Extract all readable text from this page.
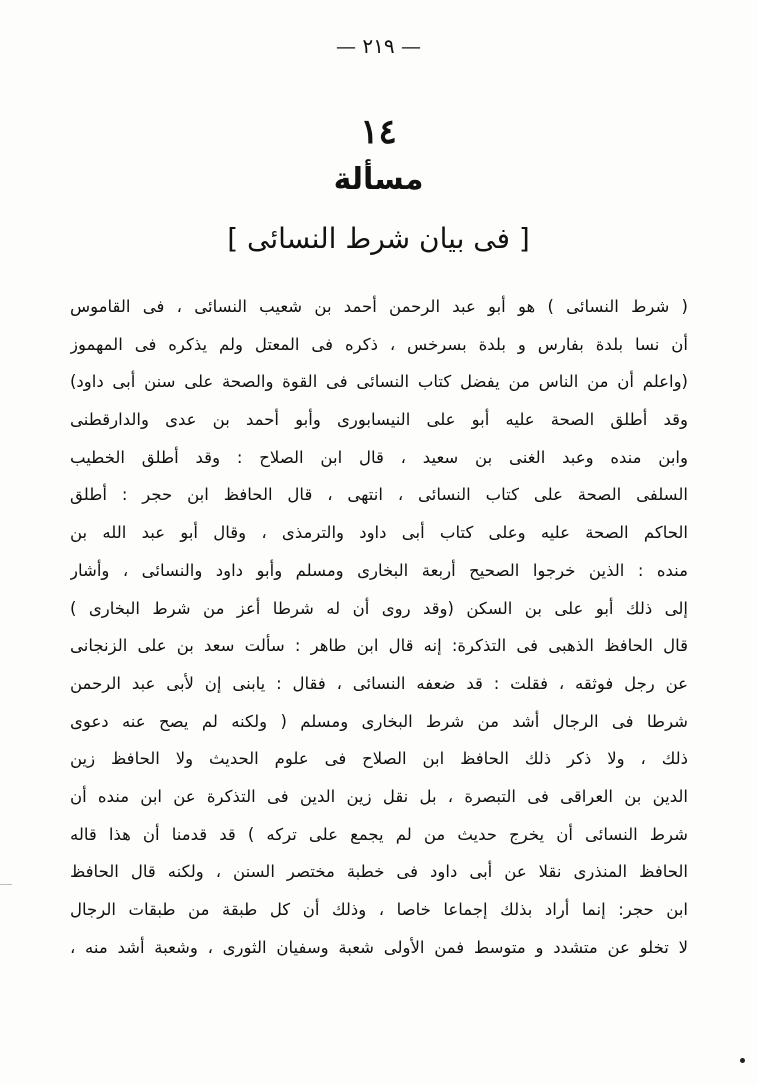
— ٢١٩ —
١٤
مسألة
[ فى بيان شرط النسائى ]
( شرط النسائى ) هو أبو عبد الرحمن أحمد بن شعيب النسائى ، فى القاموس
أن نسا بلدة بفارس و بلدة بسرخس ، ذكره فى المعتل ولم يذكره فى المهموز
(واعلم أن من الناس من يفضل كتاب النسائى فى القوة والصحة على سنن أبى داود)
وقد أطلق الصحة عليه أبو على النيسابورى وأبو أحمد بن عدى والدارقطنى
وابن منده وعبد الغنى بن سعيد ، قال ابن الصلاح : وقد أطلق الخطيب
السلفى الصحة على كتاب النسائى ، انتهى ، قال الحافظ ابن حجر : أطلق
الحاكم الصحة عليه وعلى كتاب أبى داود والترمذى ، وقال أبو عبد الله بن
منده : الذين خرجوا الصحيح أربعة البخارى ومسلم وأبو داود والنسائى ، وأشار
إلى ذلك أبو على بن السكن (وقد روى أن له شرطا أعز من شرط البخارى )
قال الحافظ الذهبى فى التذكرة: إنه قال ابن طاهر : سألت سعد بن على الزنجانى
عن رجل فوثقه ، فقلت : قد ضعفه النسائى ، فقال : يابنى إن لأبى عبد الرحمن
شرطا فى الرجال أشد من شرط البخارى ومسلم ( ولكنه لم يصح عنه دعوى
ذلك ، ولا ذكر ذلك الحافظ ابن الصلاح فى علوم الحديث ولا الحافظ زين
الدين بن العراقى فى التبصرة ، بل نقل زين الدين فى التذكرة عن ابن منده أن
شرط النسائى أن يخرج حديث من لم يجمع على تركه ) قد قدمنا أن هذا قاله
الحافظ المنذرى نقلا عن أبى داود فى خطبة مختصر السنن ، ولكنه قال الحافظ
ابن حجر: إنما أراد بذلك إجماعا خاصا ، وذلك أن كل طبقة من طبقات الرجال
لا تخلو عن متشدد و متوسط فمن الأولى شعبة وسفيان الثورى ، وشعبة أشد منه ،
